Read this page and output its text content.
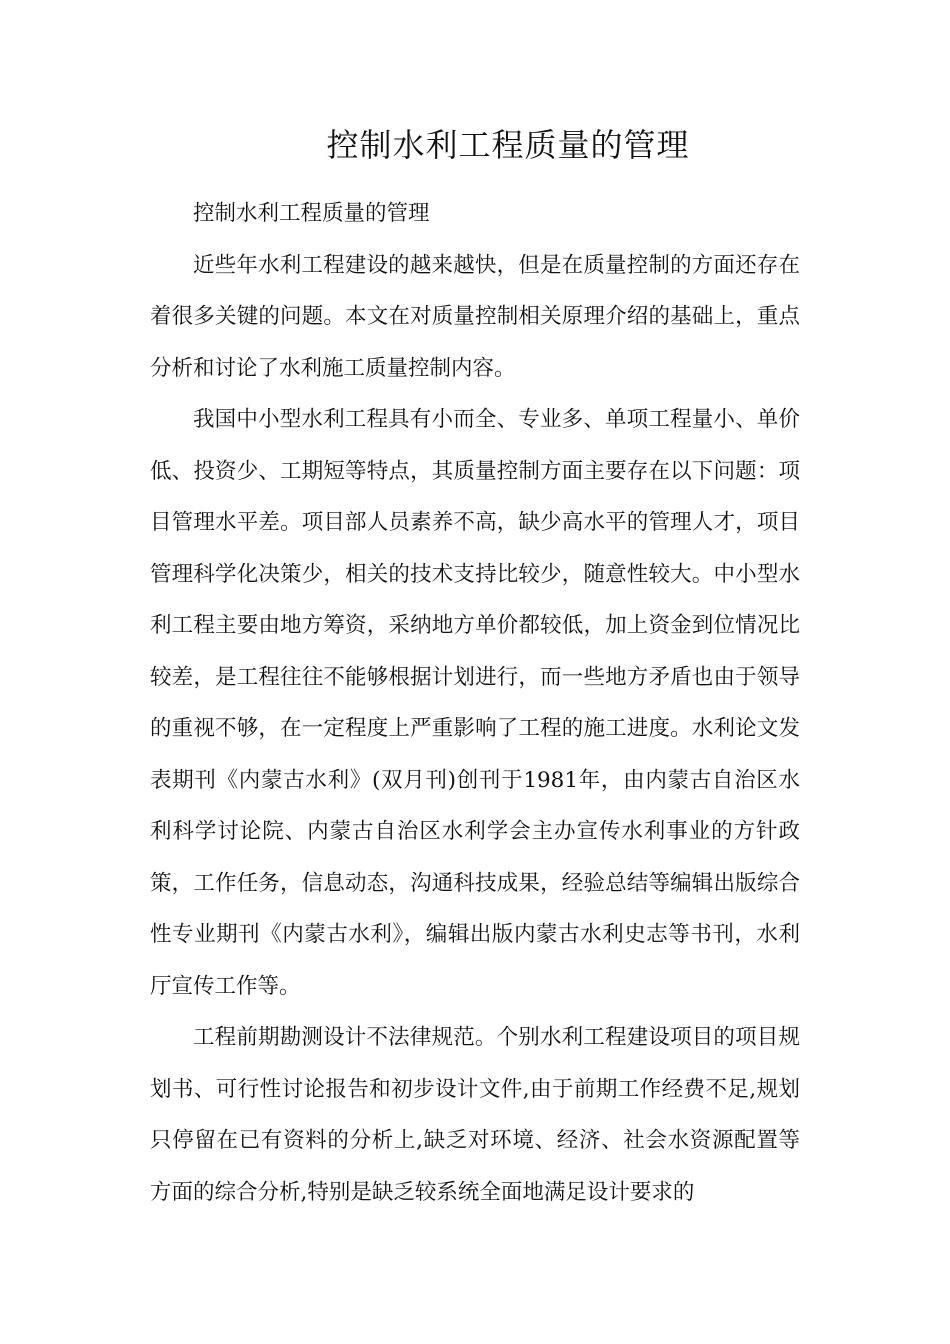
控制水利工程质量的管理

控制水利工程质量的管理

近些年水利工程建设的越来越快，但是在质量控制的方面还存在着很多关键的问题。本文在对质量控制相关原理介绍的基础上，重点分析和讨论了水利施工质量控制内容。

我国中小型水利工程具有小而全、专业多、单项工程量小、单价低、投资少、工期短等特点，其质量控制方面主要存在以下问题：项目管理水平差。项目部人员素养不高，缺少高水平的管理人才，项目管理科学化决策少，相关的技术支持比较少，随意性较大。中小型水利工程主要由地方筹资，采纳地方单价都较低，加上资金到位情况比较差，是工程往往不能够根据计划进行，而一些地方矛盾也由于领导的重视不够，在一定程度上严重影响了工程的施工进度。水利论文发表期刊《内蒙古水利》(双月刊)创刊于1981年，由内蒙古自治区水利科学讨论院、内蒙古自治区水利学会主办宣传水利事业的方针政策，工作任务，信息动态，沟通科技成果，经验总结等编辑出版综合性专业期刊《内蒙古水利》，编辑出版内蒙古水利史志等书刊，水利厅宣传工作等。

工程前期勘测设计不法律规范。个别水利工程建设项目的项目规划书、可行性讨论报告和初步设计文件,由于前期工作经费不足,规划只停留在已有资料的分析上,缺乏对环境、经济、社会水资源配置等方面的综合分析,特别是缺乏较系统全面地满足设计要求的
